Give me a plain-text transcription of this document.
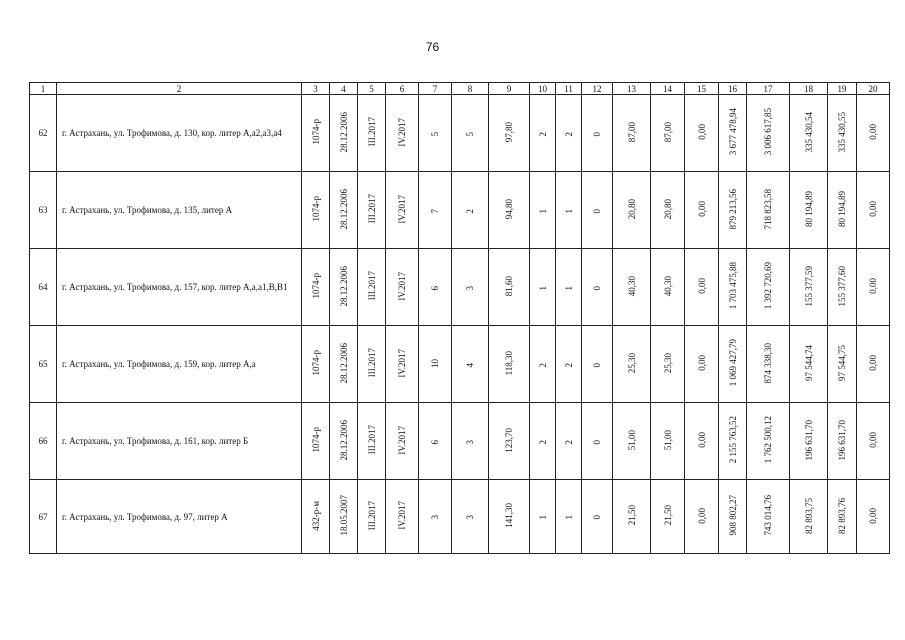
76
1	2	3	4	5	6	7	8	9	10	11	12	13	14	15	16	17	18	19	20
62	г. Астрахань, ул. Трофимова, д. 130, кор. литер А,а2,а3,а4	1074-р	28.12.2006	III.2017	IV.2017	5	5	97,80	2	2	0	87,00	87,00	0,00	3 677 478,94	3 006 617,85	335 430,54	335 430,55	0,00
63	г. Астрахань, ул. Трофимова, д. 135, литер А	1074-р	28.12.2006	III.2017	IV.2017	7	2	94,80	1	1	0	20,80	20,80	0,00	879 213,56	718 823,58	80 194,89	80 194,89	0,00
64	г. Астрахань, ул. Трофимова, д. 157, кор. литер А,а,а1,В,В1	1074-р	28.12.2006	III.2017	IV.2017	6	3	81,60	1	1	0	40,30	40,30	0,00	1 703 475,88	1 392 720,69	155 377,59	155 377,60	0,00
65	г. Астрахань, ул. Трофимова, д. 159, кор. литер А,а	1074-р	28.12.2006	III.2017	IV.2017	10	4	118,30	2	2	0	25,30	25,30	0,00	1 069 427,79	874 338,30	97 544,74	97 544,75	0,00
66	г. Астрахань, ул. Трофимова, д. 161, кор. литер Б	1074-р	28.12.2006	III.2017	IV.2017	6	3	123,70	2	2	0	51,00	51,00	0,00	2 155 763,52	1 762 500,12	196 631,70	196 631,70	0,00
67	г. Астрахань, ул. Трофимова, д. 97, литер А	432-р-м	18.05.2007	III.2017	IV.2017	3	3	141,30	1	1	0	21,50	21,50	0,00	908 802,27	743 014,76	82 893,75	82 893,76	0,00
